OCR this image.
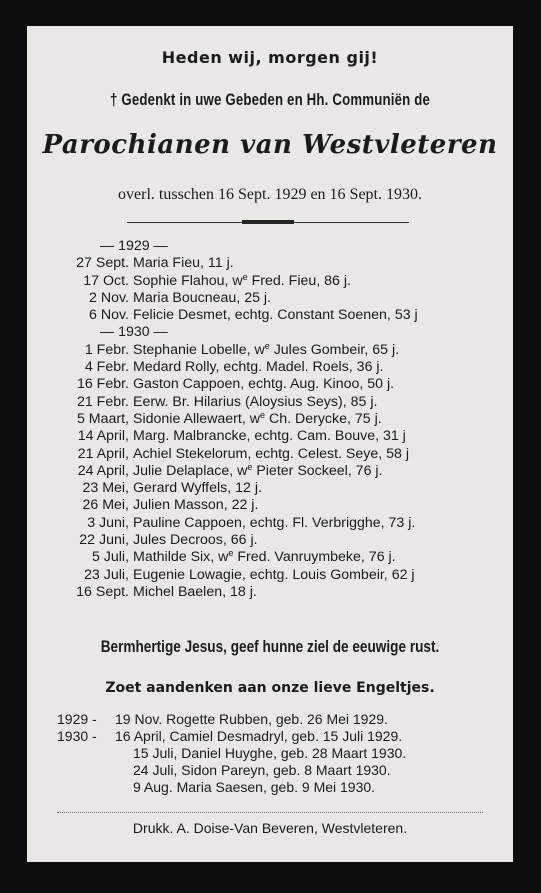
Heden wij, morgen gij!
† Gedenkt in uwe Gebeden en Hh. Communiën de
Parochianen van Westvleteren
overl. tusschen 16 Sept. 1929 en 16 Sept. 1930.
— 1929 —
27 Sept. Maria Fieu, 11 j.
17 Oct. Sophie Flahou, $w^e$ Fred. Fieu, 86 j.
2 Nov. Maria Boucneau, 25 j.
6 Nov. Felicie Desmet, echtg. Constant Soenen, 53 j
— 1930 —
1 Febr. Stephanie Lobelle, $w^e$ Jules Gombeir, 65 j.
4 Febr. Medard Rolly, echtg. Madel. Roels, 36 j.
16 Febr. Gaston Cappoen, echtg. Aug. Kinoo, 50 j.
21 Febr. Eerw. Br. Hilarius (Aloysius Seys), 85 j.
5 Maart, Sidonie Allewaert, $w^e$ Ch. Derycke, 75 j.
14 April, Marg. Malbrancke, echtg. Cam. Bouve, 31 j
21 April, Achiel Stekelorum, echtg. Celest. Seye, 58 j
24 April, Julie Delaplace, $w^e$ Pieter Sockeel, 76 j.
23 Mei, Gerard Wyffels, 12 j.
26 Mei, Julien Masson, 22 j.
3 Juni, Pauline Cappoen, echtg. Fl. Verbrigghe, 73 j.
22 Juni, Jules Decroos, 66 j.
5 Juli, Mathilde Six, $w^e$ Fred. Vanruymbeke, 76 j.
23 Juli, Eugenie Lowagie, echtg. Louis Gombeir, 62 j
16 Sept. Michel Baelen, 18 j.
Bermhertige Jesus, geef hunne ziel de eeuwige rust.
Zoet aandenken aan onze lieve Engeltjes.
1929 -	19 Nov. Rogette Rubben, geb. 26 Mei 1929.
1930 -	16 April, Camiel Desmadryl, geb. 15 Juli 1929.
15 Juli, Daniel Huyghe, geb. 28 Maart 1930.
24 Juli, Sidon Pareyn, geb. 8 Maart 1930.
9 Aug. Maria Saesen, geb. 9 Mei 1930.
Drukk. A. Doise-Van Beveren, Westvleteren.
